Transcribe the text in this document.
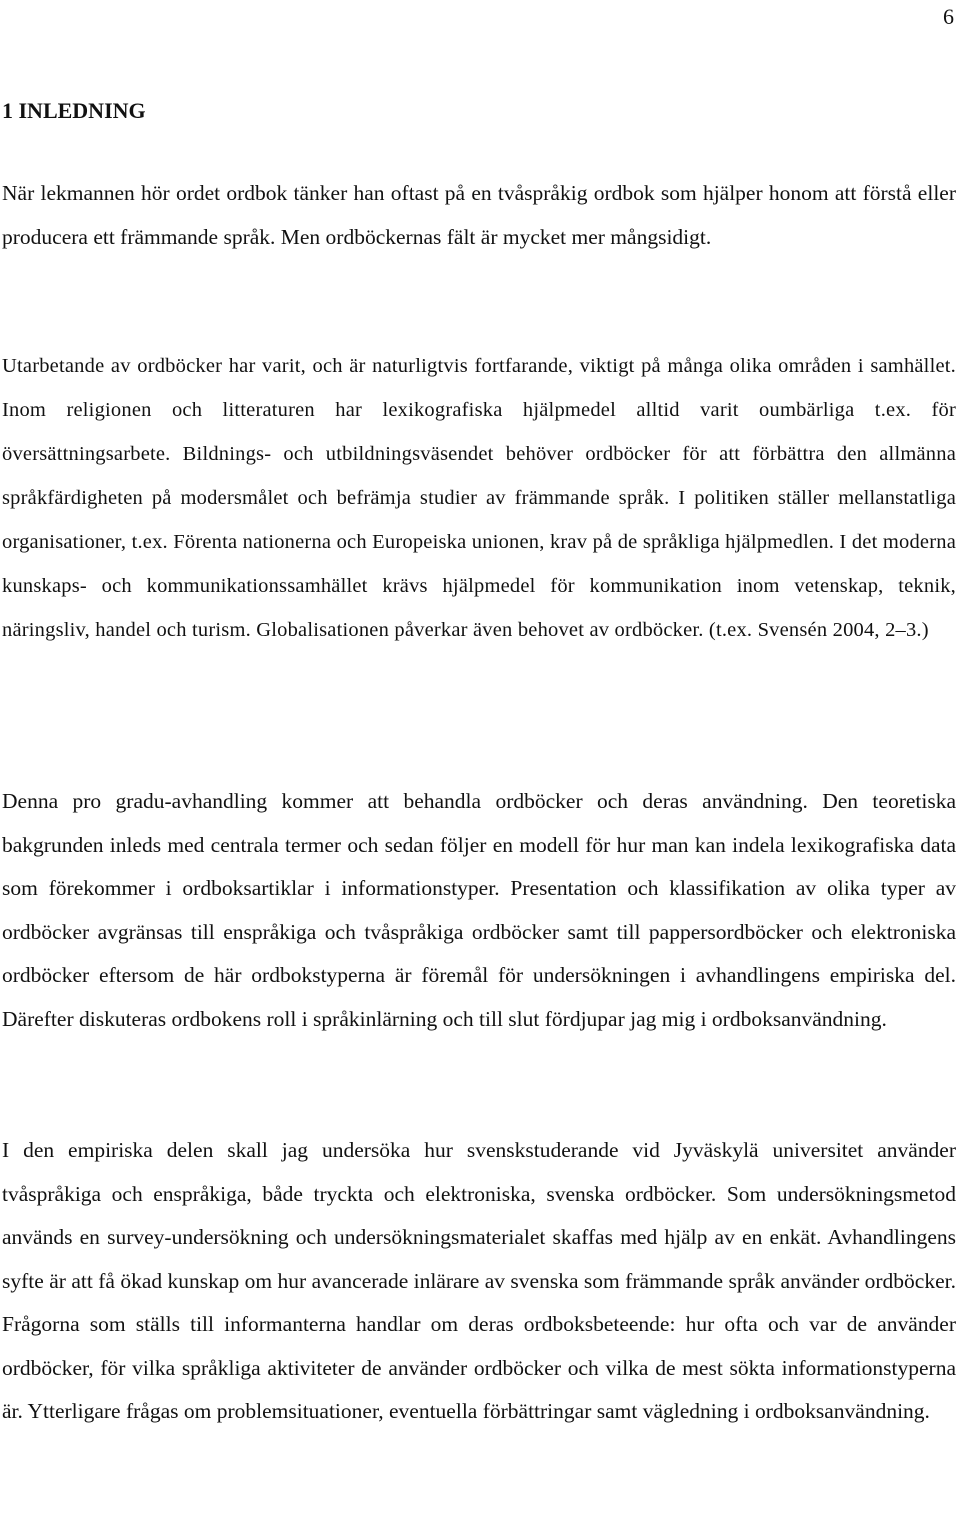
6
1 INLEDNING

När lekmannen hör ordet ordbok tänker han oftast på en tvåspråkig ordbok som hjälper honom att förstå eller producera ett främmande språk. Men ordböckernas fält är mycket mer mångsidigt.

Utarbetande av ordböcker har varit, och är naturligtvis fortfarande, viktigt på många olika områden i samhället. Inom religionen och litteraturen har lexikografiska hjälpmedel alltid varit oumbärliga t.ex. för översättningsarbete. Bildnings- och utbildningsväsendet behöver ordböcker för att förbättra den allmänna språkfärdigheten på modersmålet och befrämja studier av främmande språk. I politiken ställer mellanstatliga organisationer, t.ex. Förenta nationerna och Europeiska unionen, krav på de språkliga hjälpmedlen. I det moderna kunskaps- och kommunikationssamhället krävs hjälpmedel för kommunikation inom vetenskap, teknik, näringsliv, handel och turism. Globalisationen påverkar även behovet av ordböcker. (t.ex. Svensén 2004, 2–3.)

Denna pro gradu-avhandling kommer att behandla ordböcker och deras användning. Den teoretiska bakgrunden inleds med centrala termer och sedan följer en modell för hur man kan indela lexikografiska data som förekommer i ordboksartiklar i informationstyper. Presentation och klassifikation av olika typer av ordböcker avgränsas till enspråkiga och tvåspråkiga ordböcker samt till pappersordböcker och elektroniska ordböcker eftersom de här ordbokstyperna är föremål för undersökningen i avhandlingens empiriska del. Därefter diskuteras ordbokens roll i språkinlärning och till slut fördjupar jag mig i ordboksanvändning.

I den empiriska delen skall jag undersöka hur svenskstuderande vid Jyväskylä universitet använder tvåspråkiga och enspråkiga, både tryckta och elektroniska, svenska ordböcker. Som undersökningsmetod används en survey-undersökning och undersökningsmaterialet skaffas med hjälp av en enkät. Avhandlingens syfte är att få ökad kunskap om hur avancerade inlärare av svenska som främmande språk använder ordböcker. Frågorna som ställs till informanterna handlar om deras ordboksbeteende: hur ofta och var de använder ordböcker, för vilka språkliga aktiviteter de använder ordböcker och vilka de mest sökta informationstyperna är. Ytterligare frågas om problemsituationer, eventuella förbättringar samt vägledning i ordboksanvändning.
